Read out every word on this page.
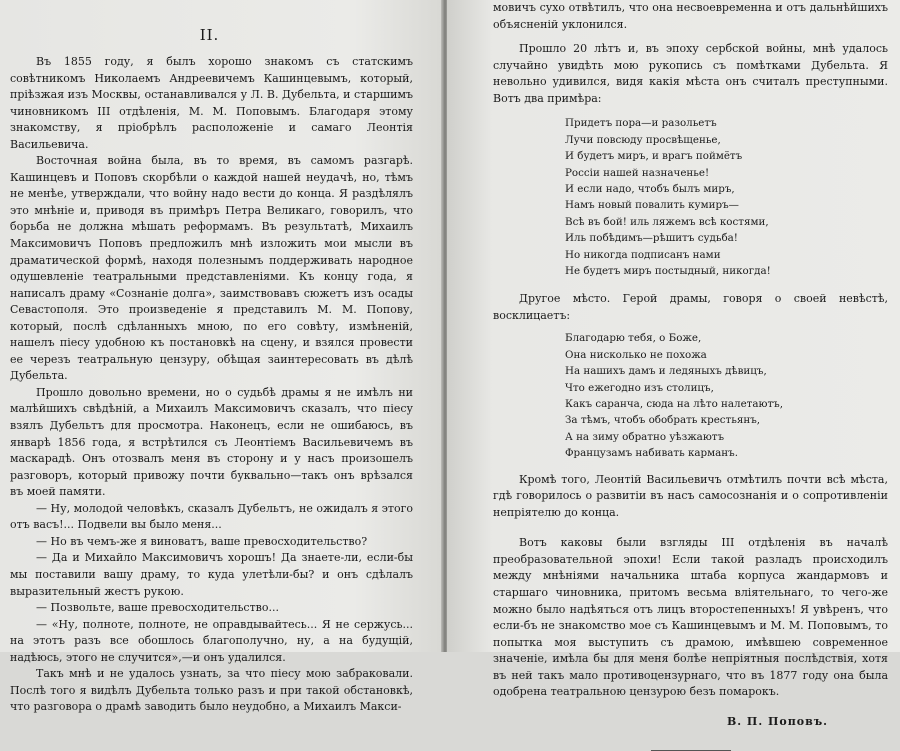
II.

Въ 1855 году, я былъ хорошо знакомъ съ статскимъ совѣтникомъ Николаемъ Андреевичемъ Кашинцевымъ, который, пріѣзжая изъ Москвы, останавливался у Л. В. Дубельта, и старшимъ чиновникомъ III отдѣленія, М. М. Поповымъ. Благодаря этому знакомству, я пріобрѣлъ расположеніе и самаго Леонтія Васильевича.

Восточная война была, въ то время, въ самомъ разгарѣ. Кашинцевъ и Поповъ скорбѣли о каждой нашей неудачѣ, но, тѣмъ не менѣе, утверждали, что войну надо вести до конца. Я раздѣлялъ это мнѣніе и, приводя въ примѣръ Петра Великаго, говорилъ, что борьба не должна мѣшать реформамъ. Въ результатѣ, Михаилъ Максимовичъ Поповъ предложилъ мнѣ изложить мои мысли въ драматической формѣ, находя полезнымъ поддерживать народное одушевленіе театральными представленіями. Къ концу года, я написалъ драму «Сознаніе долга», заимствовавъ сюжетъ изъ осады Севастополя. Это произведеніе я представилъ М. М. Попову, который, послѣ сдѣланныхъ мною, по его совѣту, измѣненій, нашелъ пiесу удобною къ постановкѣ на сцену, и взялся провести ее черезъ театральную цензуру, обѣщая заинтересовать въ дѣлѣ Дубельта.

Прошло довольно времени, но о судьбѣ драмы я не имѣлъ ни малѣйшихъ свѣдѣній, а Михаилъ Максимовичъ сказалъ, что пiесу взялъ Дубельтъ для просмотра. Наконецъ, если не ошибаюсь, въ январѣ 1856 года, я встрѣтился съ Леонтіемъ Васильевичемъ въ маскарадѣ. Онъ отозвалъ меня въ сторону и у насъ произошелъ разговоръ, который привожу почти буквально—такъ онъ врѣзался въ моей памяти.

— Ну, молодой человѣкъ, сказалъ Дубельтъ, не ожидалъ я этого отъ васъ!... Подвели вы было меня...

— Но въ чемъ-же я виноватъ, ваше превосходительство?

— Да и Михайло Максимовичъ хорошъ! Да знаете-ли, если-бы мы поставили вашу драму, то куда улетѣли-бы? и онъ сдѣлалъ выразительный жестъ рукою.

— Позвольте, ваше превосходительство...

— «Ну, полноте, полноте, не оправдывайтесь... Я не сержусь... на этотъ разъ все обошлось благополучно, ну, а на будущій, надѣюсь, этого не случится»,—и онъ удалился.

Такъ мнѣ и не удалось узнать, за что пiесу мою забраковали. Послѣ того я видѣлъ Дубельта только разъ и при такой обстановкѣ, что разговора о драмѣ заводить было неудобно, а Михаилъ Макси-

мовичъ сухо отвѣтилъ, что она несвоевременна и отъ дальнѣйшихъ объясненій уклонился.

Прошло 20 лѣтъ и, въ эпоху сербской войны, мнѣ удалось случайно увидѣть мою рукопись съ помѣтками Дубельта. Я невольно удивился, видя какія мѣста онъ считалъ преступными. Вотъ два примѣра:

Придетъ пора—и разольетъ
Лучи повсюду просвѣщенье,
И будетъ миръ, и врагъ поймётъ
Россіи нашей назначенье!
И если надо, чтобъ былъ миръ,
Намъ новый повалить кумиръ—
Всѣ въ бой! иль ляжемъ всѣ костями,
Иль побѣдимъ—рѣшитъ судьба!
Но никогда подписанъ нами
Не будетъ миръ постыдный, никогда!

Другое мѣсто. Герой драмы, говоря о своей невѣстѣ, восклицаетъ:

Благодарю тебя, о Боже,
Она нисколько не похожа
На нашихъ дамъ и ледяныхъ дѣвицъ,
Что ежегодно изъ столицъ,
Какъ саранча, сюда на лѣто налетаютъ,
За тѣмъ, чтобъ обобрать крестьянъ,
А на зиму обратно уѣзжаютъ
Французамъ набивать карманъ.

Кромѣ того, Леонтій Васильевичъ отмѣтилъ почти всѣ мѣста, гдѣ говорилось о развитіи въ насъ самосознанія и о сопротивленіи непріятелю до конца.

Вотъ каковы были взгляды III отдѣленія въ началѣ преобразовательной эпохи! Если такой разладъ происходилъ между мнѣніями начальника штаба корпуса жандармовъ и старшаго чиновника, притомъ весьма вліятельнаго, то чего-же можно было надѣяться отъ лицъ второстепенныхъ! Я увѣренъ, что если-бъ не знакомство мое съ Кашинцевымъ и М. М. Поповымъ, то попытка моя выступить съ драмою, имѣвшею современное значеніе, имѣла бы для меня болѣе непріятныя послѣдствія, хотя въ ней такъ мало противоцензурнаго, что въ 1877 году она была одобрена театральною цензурою безъ помарокъ.

В. П. Поповъ.
